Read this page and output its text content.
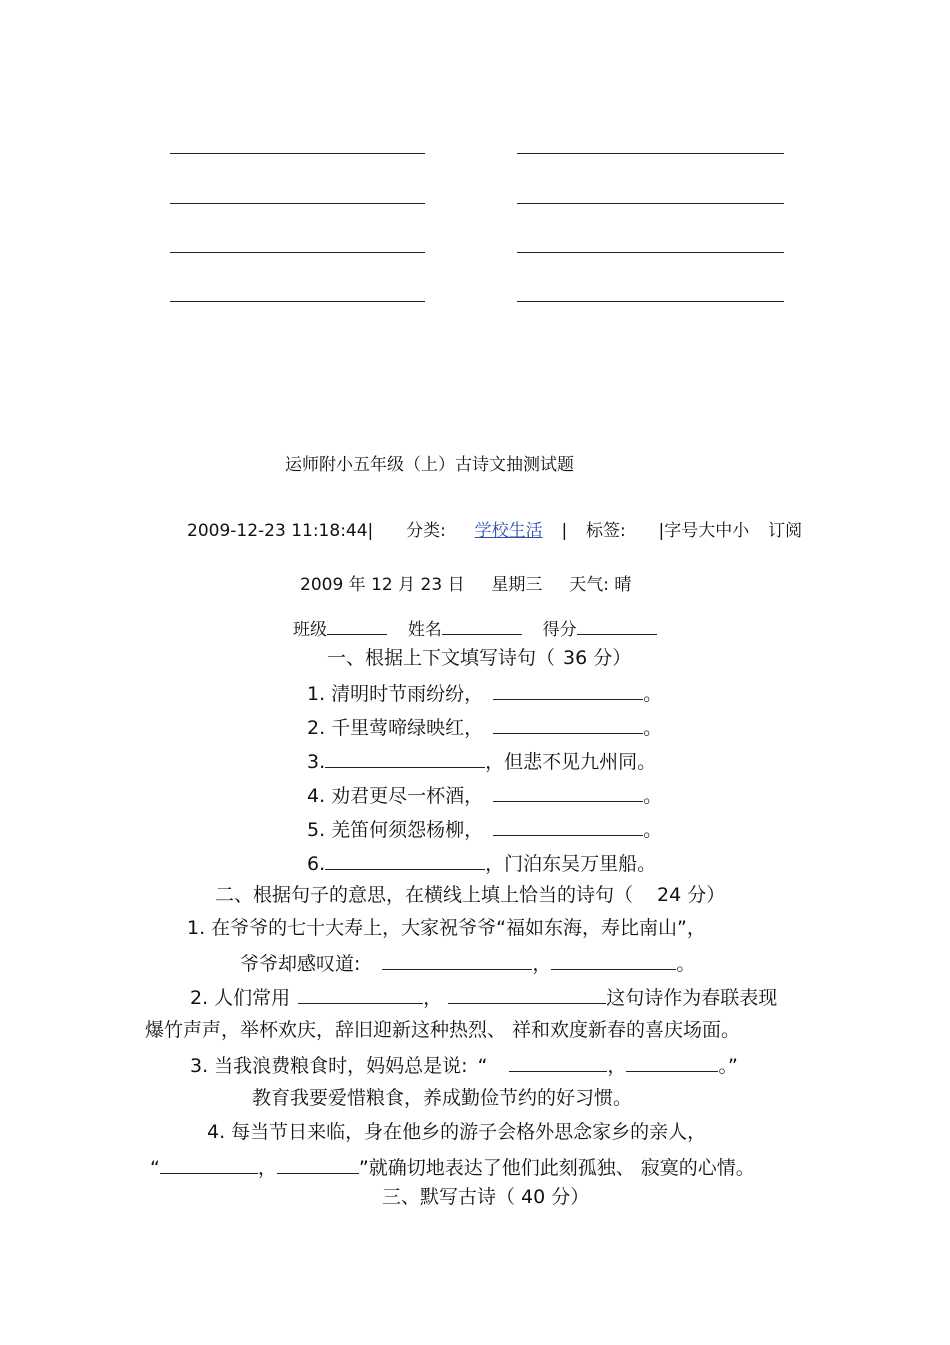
运师附小五年级（上）古诗文抽测试题
2009-12-23 11:18:44| 分类: 学校生活 | 标签: |字号大中小 订阅
2009 年 12 月 23 日 星期三 天气: 晴
班级	姓名	得分
一、根据上下文填写诗句（ 36 分）
1. 清明时节雨纷纷，	。
2. 千里莺啼绿映红，	。
3.	，但悲不见九州同。
4. 劝君更尽一杯酒，	。
5. 羌笛何须怨杨柳，	。
6.	，门泊东吴万里船。
二、根据句子的意思，在横线上填上恰当的诗句（ 24 分）
1. 在爷爷的七十大寿上，大家祝爷爷“福如东海，寿比南山”，
爷爷却感叹道:	，	。
2. 人们常用	，	这句诗作为春联表现
爆竹声声，举杯欢庆，辞旧迎新这种热烈、 祥和欢度新春的喜庆场面。
3. 当我浪费粮食时，妈妈总是说: “	，	。”
教育我要爱惜粮食，养成勤俭节约的好习惯。
4. 每当节日来临，身在他乡的游子会格外思念家乡的亲人，
“	，	”就确切地表达了他们此刻孤独、 寂寞的心情。
三、默写古诗（ 40 分）
